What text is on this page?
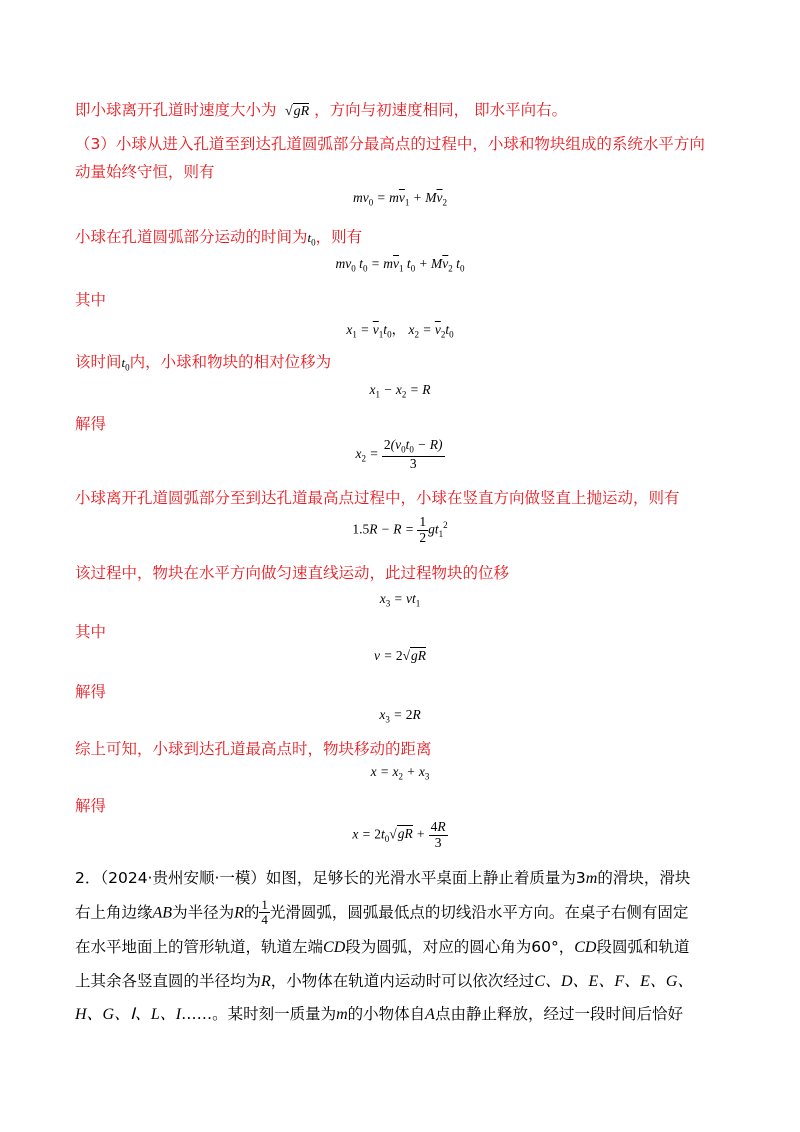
即小球离开孔道时速度大小为  √gR ，方向与初速度相同， 即水平向右。
（3）小球从进入孔道至到达孔道圆弧部分最高点的过程中，小球和物块组成的系统水平方向
动量始终守恒，则有
$mv_0 = m\overline{v}_1 + M\overline{v}_2$
小球在孔道圆弧部分运动的时间为$t_0$，则有
$mv_0$ $t_0 = m\overline{v}_1$ $t_0 + M\overline{v}_2$ $t_0$
其中
$x_1 = \overline{v}_1t_0$， $x_2 = \overline{v}_2t_0$
该时间$t_0$内，小球和物块的相对位移为
$x_1 - x_2 = R$
解得
$x_2 = \frac{2(v_0t_0 - R)}{3}$
小球离开孔道圆弧部分至到达孔道最高点过程中，小球在竖直方向做竖直上抛运动，则有
$1.5R - R = \frac{1}{2} gt_1^2$
该过程中，物块在水平方向做匀速直线运动，此过程物块的位移
$x_3 = vt_1$
其中
v = 2√gR
解得
$x_3 = 2R$
综上可知，小球到达孔道最高点时，物块移动的距离
$x = x_2 + x_3$
解得
$x = 2t_0√gR + \frac{4R}{3}$
2．（2024·贵州安顺·一模）如图，足够长的光滑水平桌面上静止着质量为3m的滑块，滑块
右上角边缘AB为半径为R的 $\frac{1}{4}$ 光滑圆弧，圆弧最低点的切线沿水平方向。在桌子右侧有固定
在水平地面上的管形轨道，轨道左端CD段为圆弧，对应的圆心角为60°，CD段圆弧和轨道
上其余各竖直圆的半径均为R，小物体在轨道内运动时可以依次经过C、D、E、F、E、G、
H、G、Ⅰ、L、I……。某时刻一质量为m的小物体自A点由静止释放，经过一段时间后恰好
